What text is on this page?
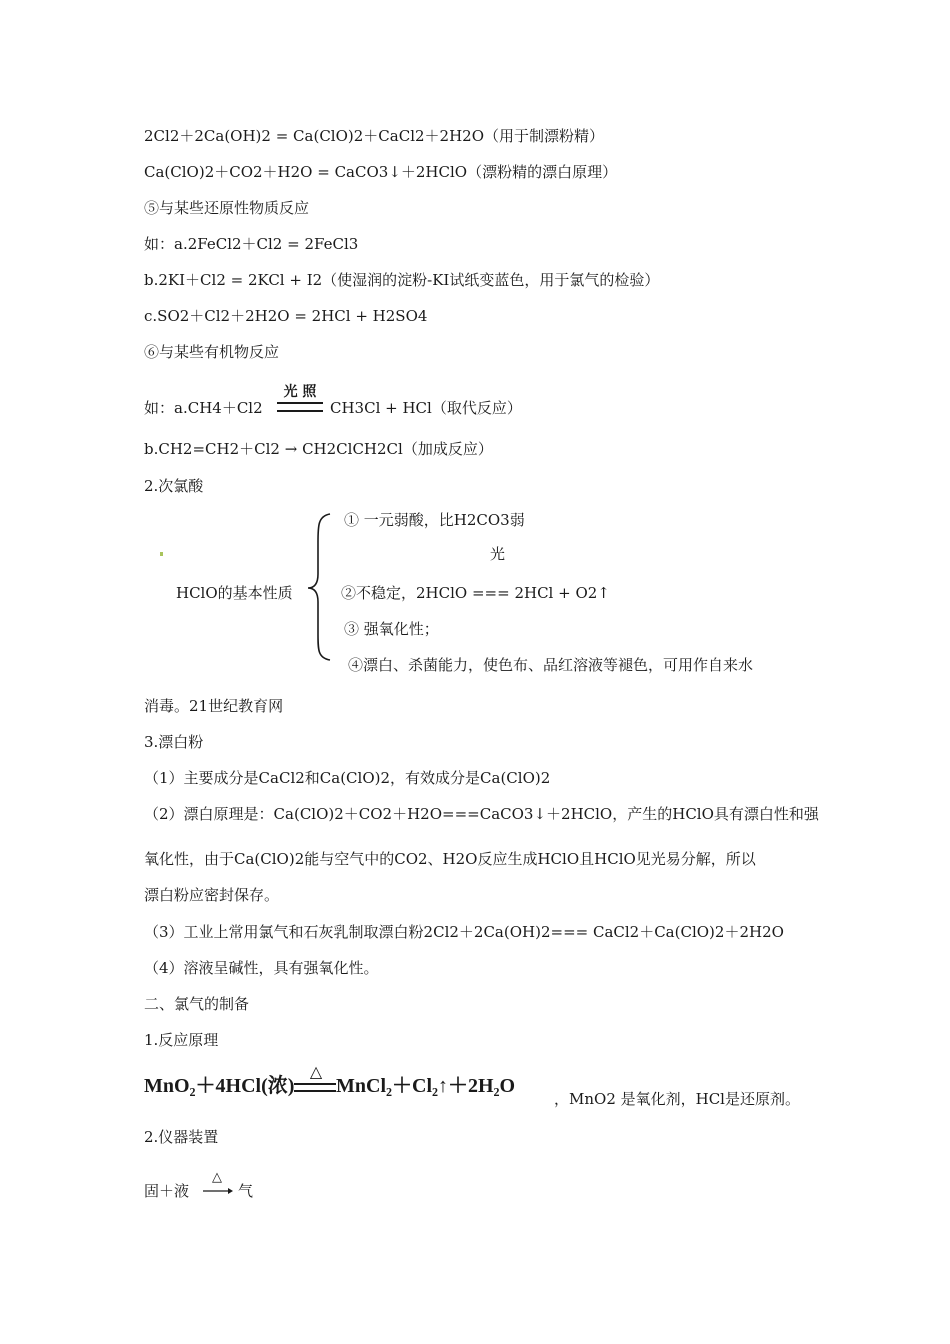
2Cl2＋2Ca(OH)2 = Ca(ClO)2＋CaCl2＋2H2O（用于制漂粉精）
Ca(ClO)2＋CO2＋H2O = CaCO3↓＋2HClO（漂粉精的漂白原理）
⑤与某些还原性物质反应
如：a.2FeCl2＋Cl2 = 2FeCl3
b.2KI＋Cl2 = 2KCl + I2（使湿润的淀粉-KI试纸变蓝色，用于氯气的检验）
c.SO2＋Cl2＋2H2O = 2HCl + H2SO4
⑥与某些有机物反应
如：a.CH4＋Cl2
光 照
CH3Cl + HCl（取代反应）
b.CH2=CH2＋Cl2 → CH2ClCH2Cl（加成反应）
2.次氯酸
HClO的基本性质
① 一元弱酸，比H2CO3弱
光
②不稳定，2HClO === 2HCl + O2↑
③ 强氧化性；
④漂白、杀菌能力，使色布、品红溶液等褪色，可用作自来水
消毒。21世纪教育网
3.漂白粉
（1）主要成分是CaCl2和Ca(ClO)2，有效成分是Ca(ClO)2
（2）漂白原理是：Ca(ClO)2＋CO2＋H2O===CaCO3↓＋2HClO，产生的HClO具有漂白性和强
氧化性，由于Ca(ClO)2能与空气中的CO2、H2O反应生成HClO且HClO见光易分解，所以
漂白粉应密封保存。
（3）工业上常用氯气和石灰乳制取漂白粉2Cl2＋2Ca(OH)2=== CaCl2＋Ca(ClO)2＋2H2O
（4）溶液呈碱性，具有强氧化性。
二、氯气的制备
1.反应原理
MnO₂＋4HCl(浓)
△
MnCl₂＋Cl₂↑＋2H₂O
，MnO2 是氧化剂，HCl是还原剂。
2.仪器装置
固＋液
△
气
